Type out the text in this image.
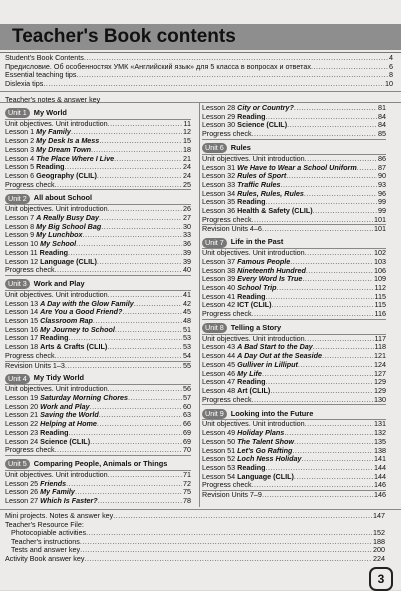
Teacher's Book contents
Student's Book Contents .....	4
Предисловие. Об особенностях УМК «Английский язык» для 5 класса в вопросах и ответах .....	6
Essential teaching tips .....	8
Dislexia tips .....	10
Teacher's notes & answer key
Unit 1 My World
Unit objectives. Unit introduction .....	11
Lesson 1 My Family .....	12
Lesson 2 My Desk Is a Mess .....	15
Lesson 3 My Dream Town .....	18
Lesson 4 The Place Where I Live .....	21
Lesson 5 Reading .....	24
Lesson 6 Geography (CLIL) .....	24
Progress check .....	25
Unit 2 All about School
Unit objectives. Unit introduction .....	26
Lesson 7 A Really Busy Day .....	27
Lesson 8 My Big School Bag .....	30
Lesson 9 My Lunchbox .....	33
Lesson 10 My School .....	36
Lesson 11 Reading .....	39
Lesson 12 Language (CLIL) .....	39
Progress check .....	40
Unit 3 Work and Play
Unit objectives. Unit introduction .....	41
Lesson 13 A Day with the Glow Family .....	42
Lesson 14 Are You a Good Friend? .....	45
Lesson 15 Classroom Rap .....	48
Lesson 16 My Journey to School .....	51
Lesson 17 Reading .....	53
Lesson 18 Arts & Crafts (CLIL) .....	53
Progress check .....	54
Revision Units 1–3 .....	55
Unit 4 My Tidy World
Unit objectives. Unit introduction .....	56
Lesson 19 Saturday Morning Chores .....	57
Lesson 20 Work and Play .....	60
Lesson 21 Saving the World .....	63
Lesson 22 Helping at Home .....	66
Lesson 23 Reading .....	69
Lesson 24 Science (CLIL) .....	69
Progress check .....	70
Unit 5 Comparing People, Animals or Things
Unit objectives. Unit introduction .....	71
Lesson 25 Friends .....	72
Lesson 26 My Family .....	75
Lesson 27 Which Is Faster? .....	78
Lesson 28 City or Country? .....	81
Lesson 29 Reading .....	84
Lesson 30 Science (CLIL) .....	84
Progress check .....	85
Unit 6 Rules
Unit objectives. Unit introduction .....	86
Lesson 31 We Have to Wear a School Uniform .....	87
Lesson 32 Rules of Sport .....	90
Lesson 33 Traffic Rules .....	93
Lesson 34 Rules, Rules, Rules .....	96
Lesson 35 Reading .....	99
Lesson 36 Health & Safety (CLIL) .....	99
Progress check .....	101
Revision Units 4–6 .....	101
Unit 7 Life in the Past
Unit objectives. Unit introduction .....	102
Lesson 37 Famous People .....	103
Lesson 38 Nineteenth Hundred .....	106
Lesson 39 Every Word Is True .....	109
Lesson 40 School Trip .....	112
Lesson 41 Reading .....	115
Lesson 42 ICT (CLIL) .....	115
Progress check .....	116
Unit 8 Telling a Story
Unit objectives. Unit introduction .....	117
Lesson 43 A Bad Start to the Day .....	118
Lesson 44 A Day Out at the Seaside .....	121
Lesson 45 Gulliver in Lilliput .....	124
Lesson 46 My Life .....	127
Lesson 47 Reading .....	129
Lesson 48 Art (CLIL) .....	129
Progress check .....	130
Unit 9 Looking into the Future
Unit objectives. Unit introduction .....	131
Lesson 49 Holiday Plans .....	132
Lesson 50 The Talent Show .....	135
Lesson 51 Let's Go Rafting .....	138
Lesson 52 Loch Ness Holiday .....	141
Lesson 53 Reading .....	144
Lesson 54 Language (CLIL) .....	144
Progress check .....	146
Revision Units 7–9 .....	146
Mini projects. Notes & answer key .....	147
Teacher's Resource File:
Photocopiable activities .....	152
Teacher's instructions .....	188
Tests and answer key .....	200
Activity Book answer key .....	224
3
